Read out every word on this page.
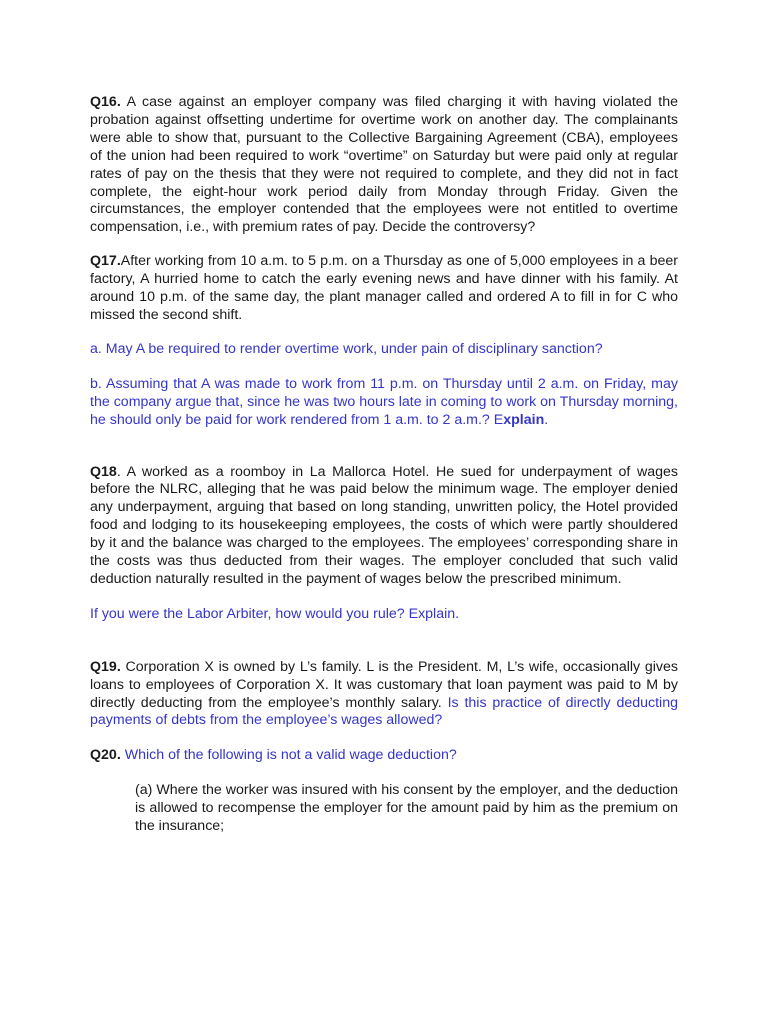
Q16. A case against an employer company was filed charging it with having violated the probation against offsetting undertime for overtime work on another day. The complainants were able to show that, pursuant to the Collective Bargaining Agreement (CBA), employees of the union had been required to work “overtime” on Saturday but were paid only at regular rates of pay on the thesis that they were not required to complete, and they did not in fact complete, the eight-hour work period daily from Monday through Friday. Given the circumstances, the employer contended that the employees were not entitled to overtime compensation, i.e., with premium rates of pay. Decide the controversy?

Q17.After working from 10 a.m. to 5 p.m. on a Thursday as one of 5,000 employees in a beer factory, A hurried home to catch the early evening news and have dinner with his family. At around 10 p.m. of the same day, the plant manager called and ordered A to fill in for C who missed the second shift.

a. May A be required to render overtime work, under pain of disciplinary sanction?

b. Assuming that A was made to work from 11 p.m. on Thursday until 2 a.m. on Friday, may the company argue that, since he was two hours late in coming to work on Thursday morning, he should only be paid for work rendered from 1 a.m. to 2 a.m.? Explain.

Q18. A worked as a roomboy in La Mallorca Hotel. He sued for underpayment of wages before the NLRC, alleging that he was paid below the minimum wage. The employer denied any underpayment, arguing that based on long standing, unwritten policy, the Hotel provided food and lodging to its housekeeping employees, the costs of which were partly shouldered by it and the balance was charged to the employees. The employees’ corresponding share in the costs was thus deducted from their wages. The employer concluded that such valid deduction naturally resulted in the payment of wages below the prescribed minimum.

If you were the Labor Arbiter, how would you rule? Explain.

Q19. Corporation X is owned by L’s family. L is the President. M, L’s wife, occasionally gives loans to employees of Corporation X. It was customary that loan payment was paid to M by directly deducting from the employee’s monthly salary. Is this practice of directly deducting payments of debts from the employee’s wages allowed?

Q20. Which of the following is not a valid wage deduction?

(a) Where the worker was insured with his consent by the employer, and the deduction is allowed to recompense the employer for the amount paid by him as the premium on the insurance;
